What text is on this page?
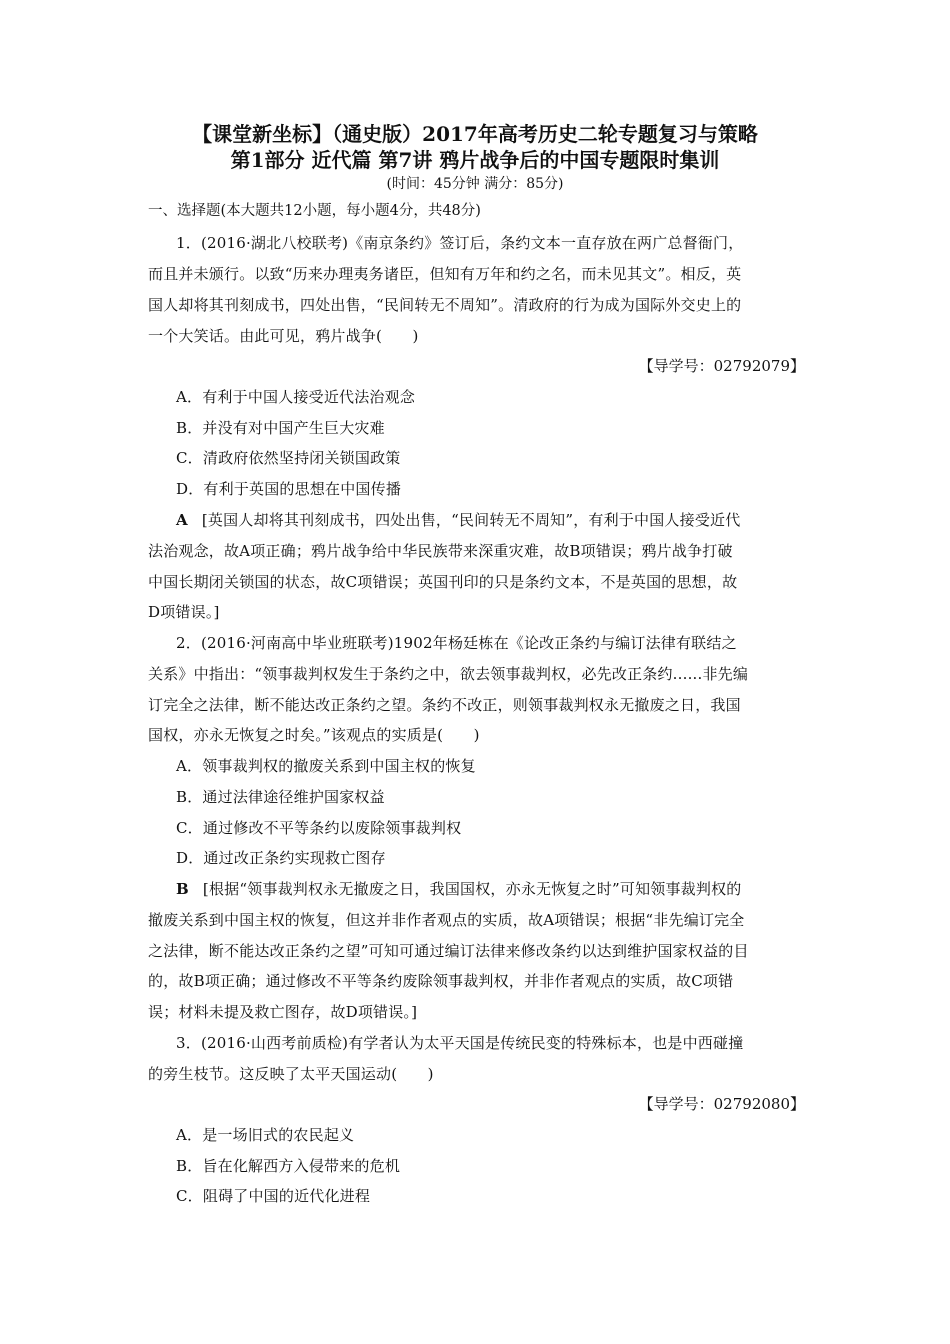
【课堂新坐标】（通史版）2017年高考历史二轮专题复习与策略
第1部分 近代篇 第7讲 鸦片战争后的中国专题限时集训
(时间：45分钟 满分：85分)
一、选择题(本大题共12小题，每小题4分，共48分)
1．(2016·湖北八校联考)《南京条约》签订后，条约文本一直存放在两广总督衙门，
而且并未颁行。以致“历来办理夷务诸臣，但知有万年和约之名，而未见其文”。相反，英
国人却将其刊刻成书，四处出售，“民间转无不周知”。清政府的行为成为国际外交史上的
一个大笑话。由此可见，鸦片战争(　　)
【导学号：02792079】
A．有利于中国人接受近代法治观念
B．并没有对中国产生巨大灾难
C．清政府依然坚持闭关锁国政策
D．有利于英国的思想在中国传播
A [英国人却将其刊刻成书，四处出售，“民间转无不周知”，有利于中国人接受近代
法治观念，故A项正确；鸦片战争给中华民族带来深重灾难，故B项错误；鸦片战争打破
中国长期闭关锁国的状态，故C项错误；英国刊印的只是条约文本，不是英国的思想，故
D项错误。]
2．(2016·河南高中毕业班联考)1902年杨廷栋在《论改正条约与编订法律有联结之
关系》中指出：“领事裁判权发生于条约之中，欲去领事裁判权，必先改正条约......非先编
订完全之法律，断不能达改正条约之望。条约不改正，则领事裁判权永无撤废之日，我国
国权，亦永无恢复之时矣。”该观点的实质是(　　)
A．领事裁判权的撤废关系到中国主权的恢复
B．通过法律途径维护国家权益
C．通过修改不平等条约以废除领事裁判权
D．通过改正条约实现救亡图存
B [根据“领事裁判权永无撤废之日，我国国权，亦永无恢复之时”可知领事裁判权的
撤废关系到中国主权的恢复，但这并非作者观点的实质，故A项错误；根据“非先编订完全
之法律，断不能达改正条约之望”可知可通过编订法律来修改条约以达到维护国家权益的目
的，故B项正确；通过修改不平等条约废除领事裁判权，并非作者观点的实质，故C项错
误；材料未提及救亡图存，故D项错误。]
3．(2016·山西考前质检)有学者认为太平天国是传统民变的特殊标本，也是中西碰撞
的旁生枝节。这反映了太平天国运动(　　)
【导学号：02792080】
A．是一场旧式的农民起义
B．旨在化解西方入侵带来的危机
C．阻碍了中国的近代化进程
